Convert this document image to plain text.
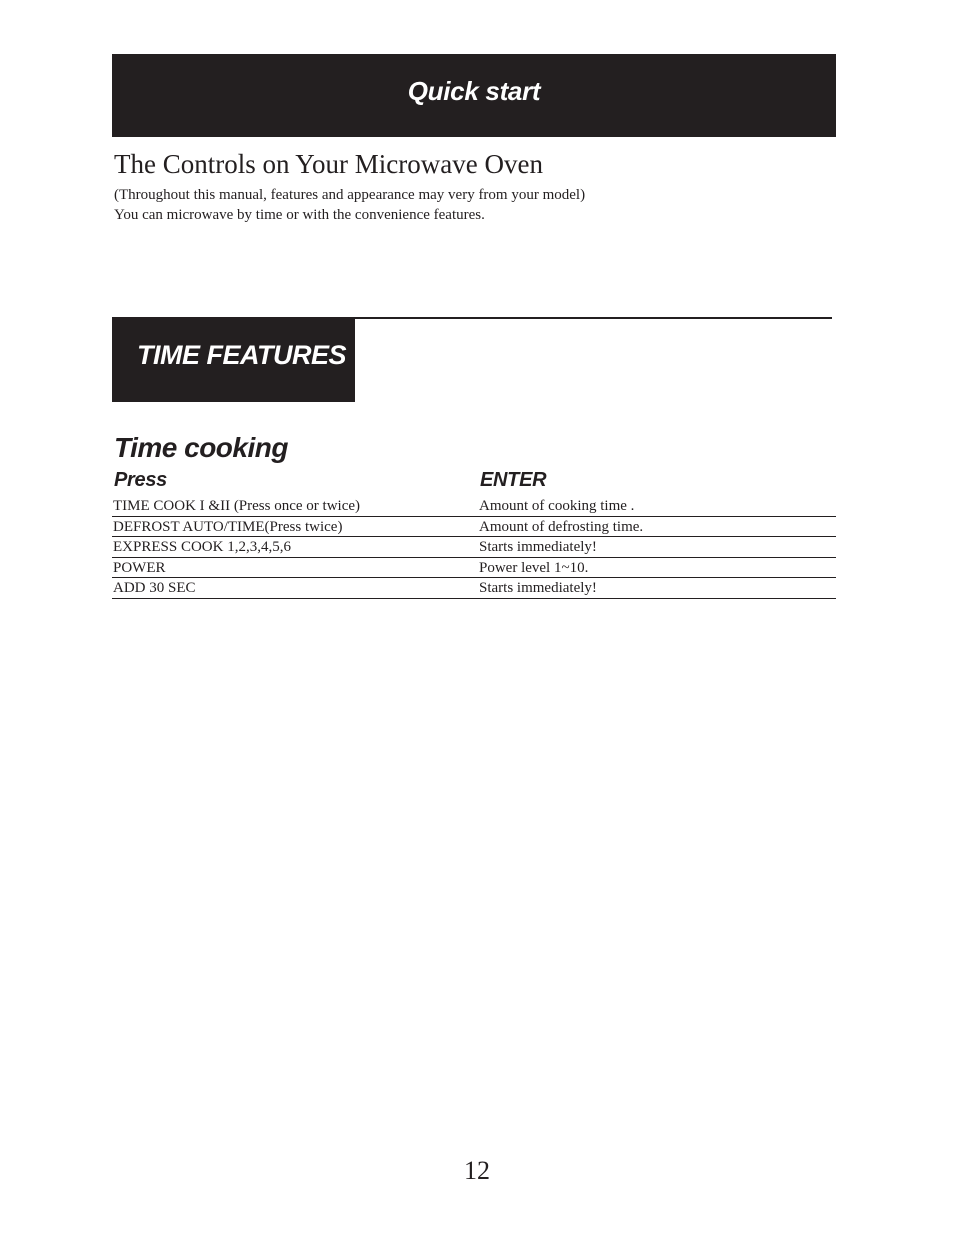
Quick start
The Controls on Your Microwave Oven
(Throughout this manual, features and appearance may very from your model)
You can microwave by time or with the convenience features.
TIME FEATURES
Time cooking
Press	ENTER
TIME COOK I &II (Press once or twice)	Amount of cooking time .
DEFROST AUTO/TIME(Press twice)	Amount of defrosting time.
EXPRESS COOK 1,2,3,4,5,6	Starts immediately!
POWER	Power level 1~10.
ADD 30 SEC	Starts immediately!
12
